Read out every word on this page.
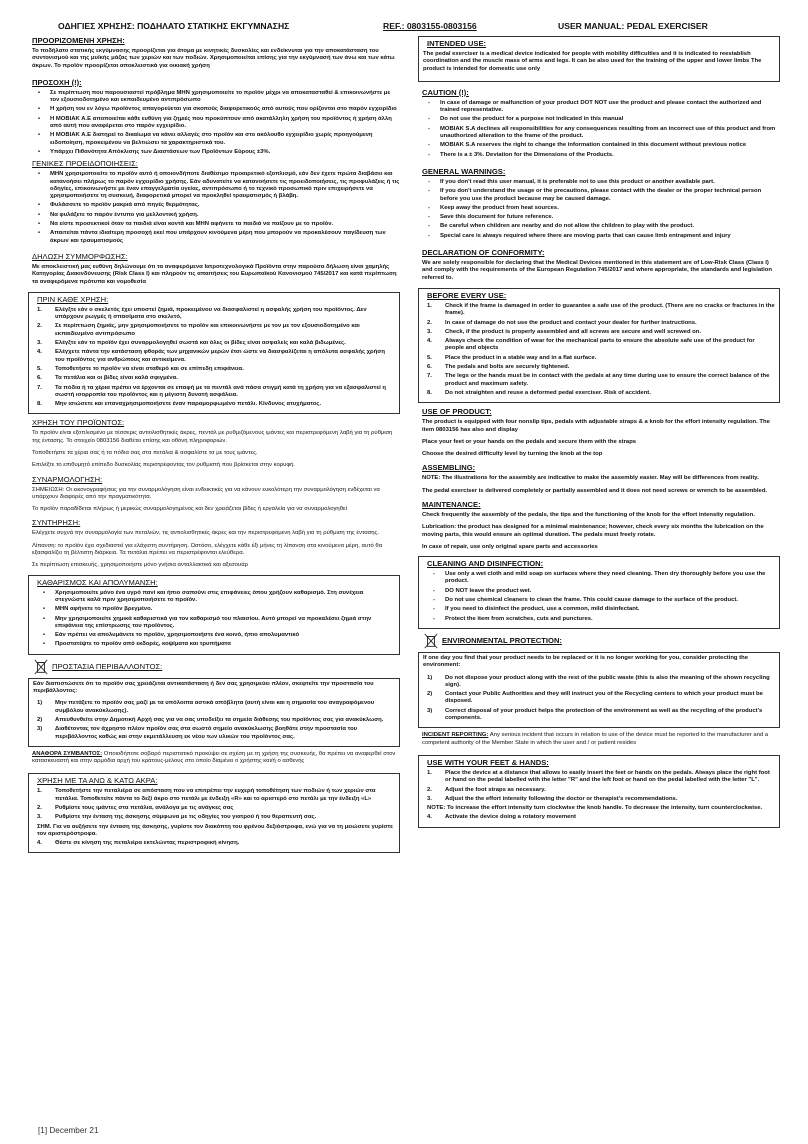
ΟΔΗΓΙΕΣ ΧΡΗΣΗΣ: ΠΟΔΗΛΑΤΟ ΣΤΑΤΙΚΗΣ ΕΚΓΥΜΝΑΣΗΣ	REF.: 0803155-0803156	USER MANUAL: PEDAL EXERCISER
ΠΡΟΟΡΙΖΟΜΕΝΗ ΧΡΗΣΗ:

Το ποδήλατο στατικής εκγύμνασης προορίζεται για άτομα με κινητικές δυσκολίες και ενδείκνυται για την αποκατάσταση του συντονισμού και της μυϊκής μάζας των χεριών και των ποδιών. Χρησιμοποιείται επίσης για την εκγύμνασή των άνω και των κάτω άκρων. Το προϊόν προορίζεται αποκλειστικά για οικιακή χρήση

ΠΡΟΣΟΧΗ (!):
• Σε περίπτωση που παρουσιαστεί πρόβλημα ΜΗΝ χρησιμοποιείτε το προϊόν μέχρι να αποκατασταθεί & επικοινωνήστε με τον εξουσιοδοτημένο και εκπαιδευμένο αντιπρόσωπο
• Η χρήση του εν λόγω προϊόντος απαγορεύεται για σκοπούς διαφορετικούς από αυτούς που ορίζονται στο παρόν εγχειρίδιο
• Η ΜΟΒΙΑΚ Α.Ε αποποιείται κάθε ευθύνη για ζημιές που προκύπτουν από ακατάλληλη χρήση του προϊόντος ή χρήση άλλη από αυτή που αναφέρεται στο παρόν εγχειρίδιο.
• Η ΜΟΒΙΑΚ Α.Ε διατηρεί το δικαίωμα να κάνει αλλαγές στο προϊόν και στο ακόλουθο εγχειρίδιο χωρίς προηγούμενη ειδοποίηση, προκειμένου να βελτιώσει τα χαρακτηριστικά του.
• Υπάρχει Πιθανότητα Απόκλισης των Διαστάσεων των Προϊόντων Εύρους ±3%.
ΓΕΝΙΚΕΣ ΠΡΟΕΙΔΟΠΟΙΗΣΕΙΣ:
• ΜΗΝ χρησιμοποιείτε το προϊόν αυτό ή οποιονδήποτε διαθέσιμο προαιρετικό εξοπλισμό, εάν δεν έχετε πρώτα διαβάσει και κατανοήσει πλήρως το παρόν εγχειρίδιο χρήσης. Εάν αδυνατείτε να κατανοήσετε τις προειδοποιήσεις, τις προφυλάξεις ή τις οδηγίες, επικοινωνήστε με έναν επαγγελματία υγείας, αντιπρόσωπο ή το τεχνικό προσωπικό πριν επιχειρήσετε να χρησιμοποιήσετε τη συσκευή, διαφορετικά μπορεί να προκληθεί τραυματισμός ή βλάβη.
• Φυλάσσετε το προϊόν μακριά από πηγές θερμότητας.
• Να φυλάξετε το παρόν έντυπο για μελλοντική χρήση.
• Να είστε προσεκτικοί όταν τα παιδιά είναι κοντά και ΜΗΝ αφήνετε τα παιδιά να παίζουν με το προϊόν.
• Απαιτείται πάντα ιδιαίτερη προσοχή εκεί που υπάρχουν κινούμενα μέρη που μπορούν να προκαλέσουν παγίδευση των άκρων και τραυματισμούς
ΔΗΛΩΣΗ ΣΥΜΜΟΡΦΩΣΗΣ:

Με αποκλειστική μας ευθύνη δηλώνουμε ότι τα αναφερόμενα Ιατροτεχνολογικά Προϊόντα στην παρούσα δήλωση είναι χαμηλής Κατηγορίας Διακινδύνευσης (Risk Class I) και πληρούν τις απαιτήσεις του Ευρωπαϊκού Κανονισμού 745/2017 και κατά περίπτωση τα αναφερόμενα πρότυπα και νομοθεσία

ΠΡΙΝ ΚΑΘΕ ΧΡΗΣΗ:
1. Ελέγξτε εάν ο σκελετός έχει υποστεί ζημιά, προκειμένου να διασφαλιστεί η ασφαλής χρήση του προϊόντος. Δεν υπάρχουν ρωγμές ή σπασίματα στο σκελετό,
2. Σε περίπτωση ζημιάς, μην χρησιμοποιήσετε το προϊόν και επικοινωνήστε με τον με τον εξουσιοδοτημένο και εκπαιδευμένο αντιπρόσωπο
3. Ελέγξτε εάν το προϊόν έχει συναρμολογηθεί σωστά και όλες οι βίδες είναι ασφαλείς και καλά βιδωμένες.
4. Ελέγχετε πάντα την κατάσταση φθοράς των μηχανικών μερών έτσι ώστε να διασφαλίζεται η απόλυτα ασφαλής χρήση του προϊόντος για ανθρώπους και αντικείμενα.
5. Τοποθετήστε το προϊόν να είναι σταθερό και σε επίπεδη επιφάνεια.
6. Τα πετάλια και οι βίδες είναι καλά σφιγμένα.
7. Τα πόδια ή τα χέρια πρέπει να έρχονται σε επαφή με τα πεντάλ ανά πάσα στιγμή κατά τη χρήση για να εξασφαλιστεί η σωστή ισορροπία του προϊόντος και η μέγιστη δυνατή ασφάλεια.
8. Μην ισιώσετε και επαναχρησιμοποιήσετε έναν παραμορφωμένο πετάλι. Κίνδυνος ατυχήματος.
ΧΡΗΣΗ ΤΟΥ ΠΡΟΪΟΝΤΟΣ:

Το προϊόν είναι εξοπλισμένο με τέσσερις αντιολισθητικές άκρες, πεντάλ με ρυθμιζόμενους ιμάντες και περιστρεφόμενη λαβή για τη ρύθμιση της έντασης. Το στοιχείο 0803156 διαθέτει επίσης και οθόνη πληροφοριών.

Τοποθετήστε τα χέρια σας ή τα πόδια σας στα πετάλια & ασφαλίστε τα με τους ιμάντες.

Επιλέξτε το επιθυμητό επίπεδο δυσκολίας περιστρέφοντας τον ρυθμιστή που βρίσκεται στην κορυφή.

ΣΥΝΑΡΜΟΛΟΓΗΣΗ:

ΣΗΜΕΙΩΣΗ: Οι εικονογραφήσεις για την συναρμολόγηση είναι ενδεικτικές για να κάνουν ευκολότερη την συναρμολόγηση ενδέχεται να υπάρχουν διαφορές από την πραγματικότητα.

Το προϊόν παραδίδεται πλήρως ή μερικώς συναρμολογημένος και δεν χρειάζεται βίδες ή εργαλεία για να συναρμολογηθεί

ΣΥΝΤΗΡΗΣΗ:

Ελέγχετε συχνά την συναρμολογία των πεταλιών, τις αντιολισθητικές άκρες και την περιστρεφόμενη λαβή για τη ρύθμιση της έντασης.

Λίπανση: το προϊόν έχει σχεδιαστεί για ελάχιστη συντήρηση. Ωστόσο, ελέγχετε κάθε έξι μήνες τη λίπανση στα κινούμενα μέρη, αυτό θα εξασφαλίζει τη βέλτιστη διάρκεια. Τα πετάλια πρέπει να περιστρέφονται ελεύθερα.

Σε περίπτωση επισκευής, χρησιμοποιήστε μόνο γνήσια ανταλλακτικά και αξεσουάρ

ΚΑΘΑΡΙΣΜΟΣ ΚΑΙ ΑΠΟΛΥΜΑΝΣΗ:
• Χρησιμοποιείτε μόνο ένα υγρό πανί και ήπιο σαπούνι στις επιφάνειες όπου χρήζουν καθαρισμό. Στη συνέχεια στεγνώστε καλά πριν χρησιμοποιήσετε το προϊόν.
• ΜΗΝ αφήνετε το προϊόν βρεγμένο.
• Μην χρησιμοποιείτε χημικά καθαριστικά για τον καθαρισμό του πλαισίου. Αυτό μπορεί να προκαλέσει ζημιά στην επιφάνεια της επίστρωσης του προϊόντος.
• Εάν πρέπει να απολυμάνετε το προϊόν, χρησιμοποιήστε ένα κοινό, ήπιο απολυμαντικό
• Προστατέψτε το προϊόν από εκδορές, κοψίματα και τρυπήματα
ΠΡΟΣΤΑΣΙΑ ΠΕΡΙΒΑΛΛΟΝΤΟΣ:

Εάν διαπιστώσετε ότι το προϊόν σας χρειάζεται αντικατάσταση ή δεν σας χρησιμεύει πλέον, σκεφτείτε την προστασία του περιβάλλοντος:

1) Μην πετάξετε το προϊόν σας μαζί με τα υπόλοιπα αστικά απόβλητα (αυτή είναι και η σημασία του αναγραφόμενου συμβόλου ανακύκλωσης).
2) Απευθυνθείτε στην Δημοτική Αρχή σας για να σας υποδείξει τα σημεία διάθεσης του προϊόντος σας για ανακύκλωση.
3) Διαθέτοντας τον άχρηστο πλέον προϊόν σας στα σωστό σημείο ανακύκλωσης βοηθάτε στην προστασία του περιβάλλοντος καθώς και στην εκμετάλλευση εκ νέου των υλικών του προϊόντος σας.
ΑΝΑΦΟΡΑ ΣΥΜΒΑΝΤΟΣ: Οποιοδήποτε σοβαρό περιστατικό προκύψει σε σχέση με τη χρήση της συσκευής, θα πρέπει να αναφερθεί στον κατασκευαστή και στην αρμόδια αρχή του κράτους-μέλους στο οποίο διαμένει ο χρήστης και/ή ο ασθενής
ΧΡΗΣΗ ΜΕ ΤΑ ΑΝΩ & ΚΑΤΩ ΑΚΡΑ:
1. Τοποθετήστε την πεταλιέρα σε απόσταση που να επιτρέπει την ευχερή τοποθέτηση των ποδιών ή των χεριών στα πετάλια. Τοποθετείτε πάντα το δεξί άκρο στο πετάλι με ένδειξη «R» και το αριστερό στο πετάλι με την ένδειξη «L»
2. Ρυθμίστε τους ιμάντες στα πετάλια, ανάλογα με τις ανάγκες σας
3. Ρυθμίστε την ένταση της άσκησης σύμφωνα με τις οδηγίες του γιατρού ή του θεραπευτή σας.
ΣΗΜ. Για να αυξήσετε την ένταση της άσκησης, γυρίστε τον διακόπτη του φρένου δεξιόστροφα, ενώ για να τη μειώσετε γυρίστε τον αριστερόστροφα.
4. Θέστε σε κίνηση της πεταλιέρα εκτελώντας περιστροφική κίνηση.
INTENDED USE:

The pedal exerciser is a medical device indicated for people with mobility difficulties and it is indicated to reestablish coordination and the muscle mass of arms and legs. It can be also used for the training of the upper and lower limbs The product is intended for domestic use only

CAUTION (!):
- In case of damage or malfunction of your product DOT NOT use the product and please contact the authorized and trained representative.
- Do not use the product for a purpose not indicated in this manual
- MOBIAK S.A declines all responsibilities for any consequences resulting from an incorrect use of this product and from unauthorized alteration to the frame of the product.
- MOBIAK S.A reserves the right to change the information contained in this document without previous notice
- There is a ± 3%. Deviation for the Dimensions of the Products.
GENERAL WARNINGS:
- If you don't read this user manual, it is preferable not to use this product or another available part.
- If you don't understand the usage or the precautions, please contact with the dealer or the proper technical person before you use the product because may be caused damage.
- Keep away the product from heat sources.
- Save this document for future reference.
- Be careful when children are nearby and do not allow the children to play with the product.
- Special care is always required where there are moving parts that can cause limb entrapment and injury
DECLARATION OF CONFORMITY:

We are solely responsible for declaring that the Medical Devices mentioned in this statement are of Low-Risk Class (Class I) and comply with the requirements of the European Regulation 745/2017 and where appropriate, the standards and legislation referred to.

BEFORE EVERY USE:
1. Check if the frame is damaged in order to guarantee a safe use of the product. (There are no cracks or fractures in the frame).
2. In case of damage do not use the product and contact your dealer for further instructions.
3. Check, if the product is properly assembled and all screws are secure and well screwed on.
4. Always check the condition of wear for the mechanical parts to ensure the absolute safe use of the product for people and objects
5. Place the product in a stable way and in a flat surface.
6. The pedals and bolts are securely tightened.
7. The legs or the hands must be in contact with the pedals at any time during use to ensure the correct balance of the product and maximum safety.
8. Do not straighten and reuse a deformed pedal exerciser. Risk of accident.
USE OF PRODUCT:

The product is equipped with four nonslip tips, pedals with adjustable straps & a knob for the effort intensity regulation. The item 0803156 has also and display

Place your feet or your hands on the pedals and secure them with the straps

Choose the desired difficulty level by turning the knob at the top

ASSEMBLING:

NOTE: The illustrations for the assembly are indicative to make the assembly easier. May will be differences from reality.

The pedal exerciser is delivered completely or partially assembled and it does not need screws or wrench to be assembled.

MAINTENANCE:

Check frequently the assembly of the pedals, the tips and the functioning of the knob for the effort intensity regulation.

Lubrication: the product has designed for a minimal maintenance; however, check every six months the lubrication on the moving parts, this would ensure an optimal duration. The pedals must freely rotate.

In case of repair, use only original spare parts and accessories

CLEANING AND DISINFECTION:
- Use only a wet cloth and mild soap on surfaces where they need cleaning. Then dry thoroughly before you use the product.
- DO NOT leave the product wet.
- Do not use chemical cleaners to clean the frame. This could cause damage to the surface of the product.
- If you need to disinfect the product, use a common, mild disinfectant.
- Protect the item from scratches, cuts and punctures.
ENVIRONMENTAL PROTECTION:

If one day you find that your product needs to be replaced or it is no longer working for you, consider protecting the environment:

1) Do not dispose your product along with the rest of the public waste (this is also the meaning of the shown recycling sign).
2) Contact your Public Authorities and they will instruct you of the Recycling centers to which your product must be disposed.
3) Correct disposal of your product helps the protection of the environment as well as the recycling of the product's components.
INCIDENT REPORTING: Any serious incident that occurs in relation to use of the device must be reported to the manufacturer and a competent authority of the Member State in which the user and / or patient resides
USE WITH YOUR FEET & HANDS:
1. Place the device at a distance that allows to easily insert the feet or hands on the pedals. Always place the right foot or hand on the pedal labelled with the letter "R" and the left foot or hand on the pedal labelled with the letter "L".
2. Adjust the foot straps as necessary.
3. Adjust the the effort intensity following the doctor or therapist's recommendations.
NOTE: To increase the effort intensity turn clockwise the knob handle. To decrease the intensity, turn counterclockwise.
4. Activate the device doing a rotatory movement
[1] December 21
